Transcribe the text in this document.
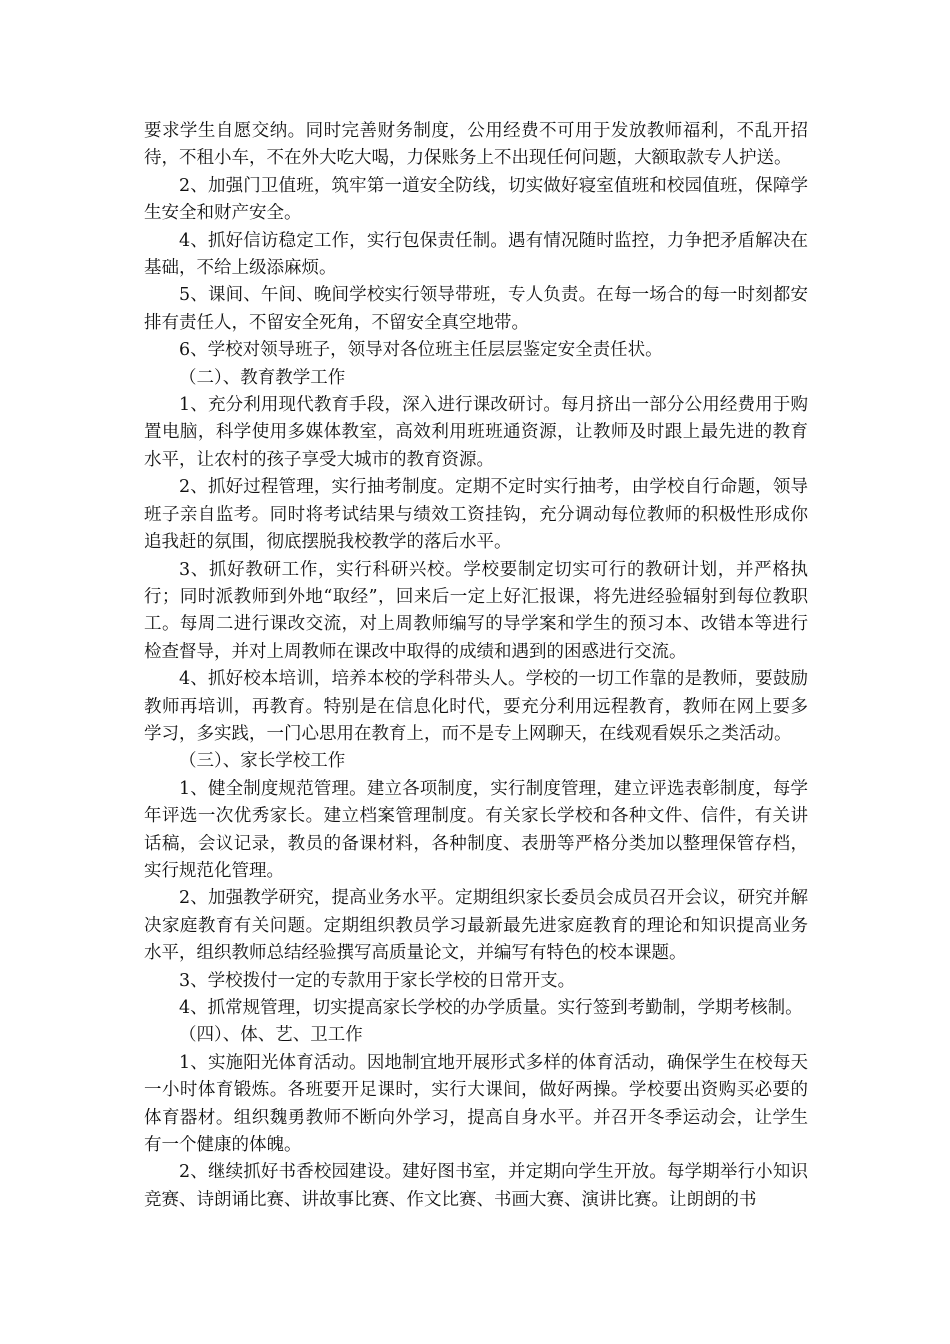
要求学生自愿交纳。同时完善财务制度，公用经费不可用于发放教师福利，不乱开招待，不租小车，不在外大吃大喝，力保账务上不出现任何问题，大额取款专人护送。

2、加强门卫值班，筑牢第一道安全防线，切实做好寝室值班和校园值班，保障学生安全和财产安全。

4、抓好信访稳定工作，实行包保责任制。遇有情况随时监控，力争把矛盾解决在基础，不给上级添麻烦。

5、课间、午间、晚间学校实行领导带班，专人负责。在每一场合的每一时刻都安排有责任人，不留安全死角，不留安全真空地带。

6、学校对领导班子，领导对各位班主任层层鉴定安全责任状。

（二）、教育教学工作

1、充分利用现代教育手段，深入进行课改研讨。每月挤出一部分公用经费用于购置电脑，科学使用多媒体教室，高效利用班班通资源，让教师及时跟上最先进的教育水平，让农村的孩子享受大城市的教育资源。

2、抓好过程管理，实行抽考制度。定期不定时实行抽考，由学校自行命题，领导班子亲自监考。同时将考试结果与绩效工资挂钩，充分调动每位教师的积极性形成你追我赶的氛围，彻底摆脱我校教学的落后水平。

3、抓好教研工作，实行科研兴校。学校要制定切实可行的教研计划，并严格执行；同时派教师到外地“取经”，回来后一定上好汇报课，将先进经验辐射到每位教职工。每周二进行课改交流，对上周教师编写的导学案和学生的预习本、改错本等进行检查督导，并对上周教师在课改中取得的成绩和遇到的困惑进行交流。

4、抓好校本培训，培养本校的学科带头人。学校的一切工作靠的是教师，要鼓励教师再培训，再教育。特别是在信息化时代，要充分利用远程教育，教师在网上要多学习，多实践，一门心思用在教育上，而不是专上网聊天，在线观看娱乐之类活动。

（三）、家长学校工作

1、健全制度规范管理。建立各项制度，实行制度管理，建立评选表彰制度，每学年评选一次优秀家长。建立档案管理制度。有关家长学校和各种文件、信件，有关讲话稿，会议记录，教员的备课材料，各种制度、表册等严格分类加以整理保管存档，实行规范化管理。

2、加强教学研究，提高业务水平。定期组织家长委员会成员召开会议，研究并解决家庭教育有关问题。定期组织教员学习最新最先进家庭教育的理论和知识提高业务水平，组织教师总结经验撰写高质量论文，并编写有特色的校本课题。

3、学校拨付一定的专款用于家长学校的日常开支。

4、抓常规管理，切实提高家长学校的办学质量。实行签到考勤制，学期考核制。

（四）、体、艺、卫工作

1、实施阳光体育活动。因地制宜地开展形式多样的体育活动，确保学生在校每天一小时体育锻炼。各班要开足课时，实行大课间，做好两操。学校要出资购买必要的体育器材。组织魏勇教师不断向外学习，提高自身水平。并召开冬季运动会，让学生有一个健康的体魄。

2、继续抓好书香校园建设。建好图书室，并定期向学生开放。每学期举行小知识竞赛、诗朗诵比赛、讲故事比赛、作文比赛、书画大赛、演讲比赛。让朗朗的书
